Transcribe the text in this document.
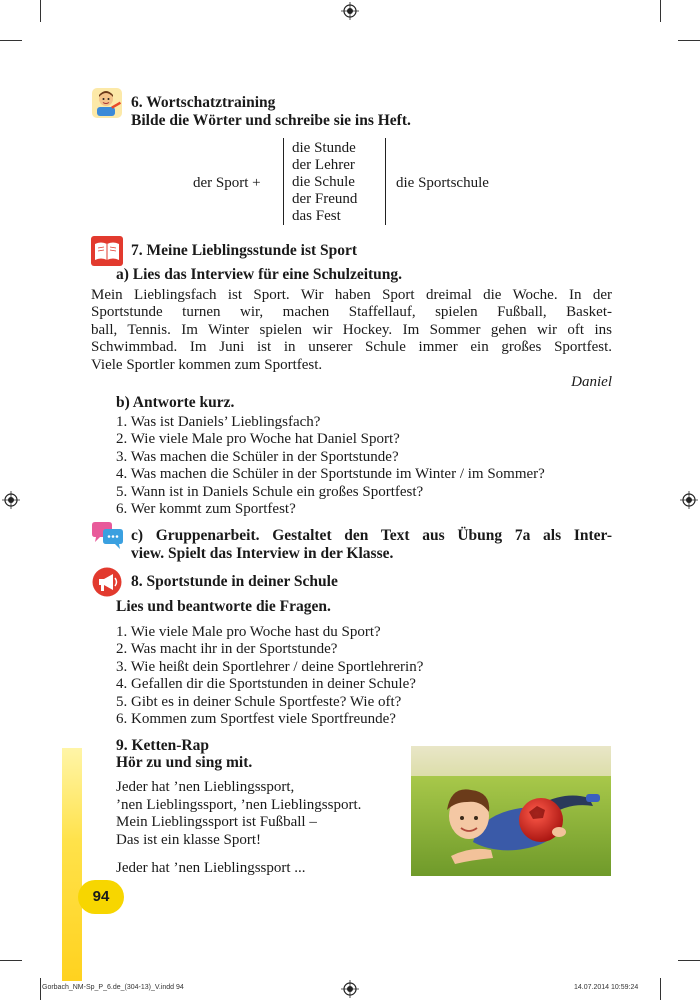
6. Wortschatztraining
Bilde die Wörter und schreibe sie ins Heft.
der Sport +
die Stunde
der Lehrer
die Schule
der Freund
das Fest
die Sportschule
7. Meine Lieblingsstunde ist Sport
a) Lies das Interview für eine Schulzeitung.
Mein Lieblingsfach ist Sport. Wir haben Sport dreimal die Woche. In der
Sportstunde turnen wir, machen Staffellauf, spielen Fußball, Basket-
ball, Tennis. Im Winter spielen wir Hockey. Im Sommer gehen wir oft ins
Schwimmbad. Im Juni ist in unserer Schule immer ein großes Sportfest.
Viele Sportler kommen zum Sportfest.
Daniel
b) Antworte kurz.
1. Was ist Daniels’ Lieblingsfach?
2. Wie viele Male pro Woche hat Daniel Sport?
3. Was machen die Schüler in der Sportstunde?
4. Was machen die Schüler in der Sportstunde im Winter / im Sommer?
5. Wann ist in Daniels Schule ein großes Sportfest?
6. Wer kommt zum Sportfest?
c) Gruppenarbeit. Gestaltet den Text aus Übung 7a als Inter-
view. Spielt das Interview in der Klasse.
8. Sportstunde in deiner Schule
Lies und beantworte die Fragen.
1. Wie viele Male pro Woche hast du Sport?
2. Was macht ihr in der Sportstunde?
3. Wie heißt dein Sportlehrer / deine Sportlehrerin?
4. Gefallen dir die Sportstunden in deiner Schule?
5. Gibt es in deiner Schule Sportfeste? Wie oft?
6. Kommen zum Sportfest viele Sportfreunde?
9. Ketten-Rap
Hör zu und sing mit.
Jeder hat ’nen Lieblingssport,
’nen Lieblingssport, ’nen Lieblingssport.
Mein Lieblingssport ist Fußball –
Das ist ein klasse Sport!
Jeder hat ’nen Lieblingssport ...
94
Gorbach_NM-Sp_P_6.de_(304-13)_V.indd 94	14.07.2014 10:59:24
